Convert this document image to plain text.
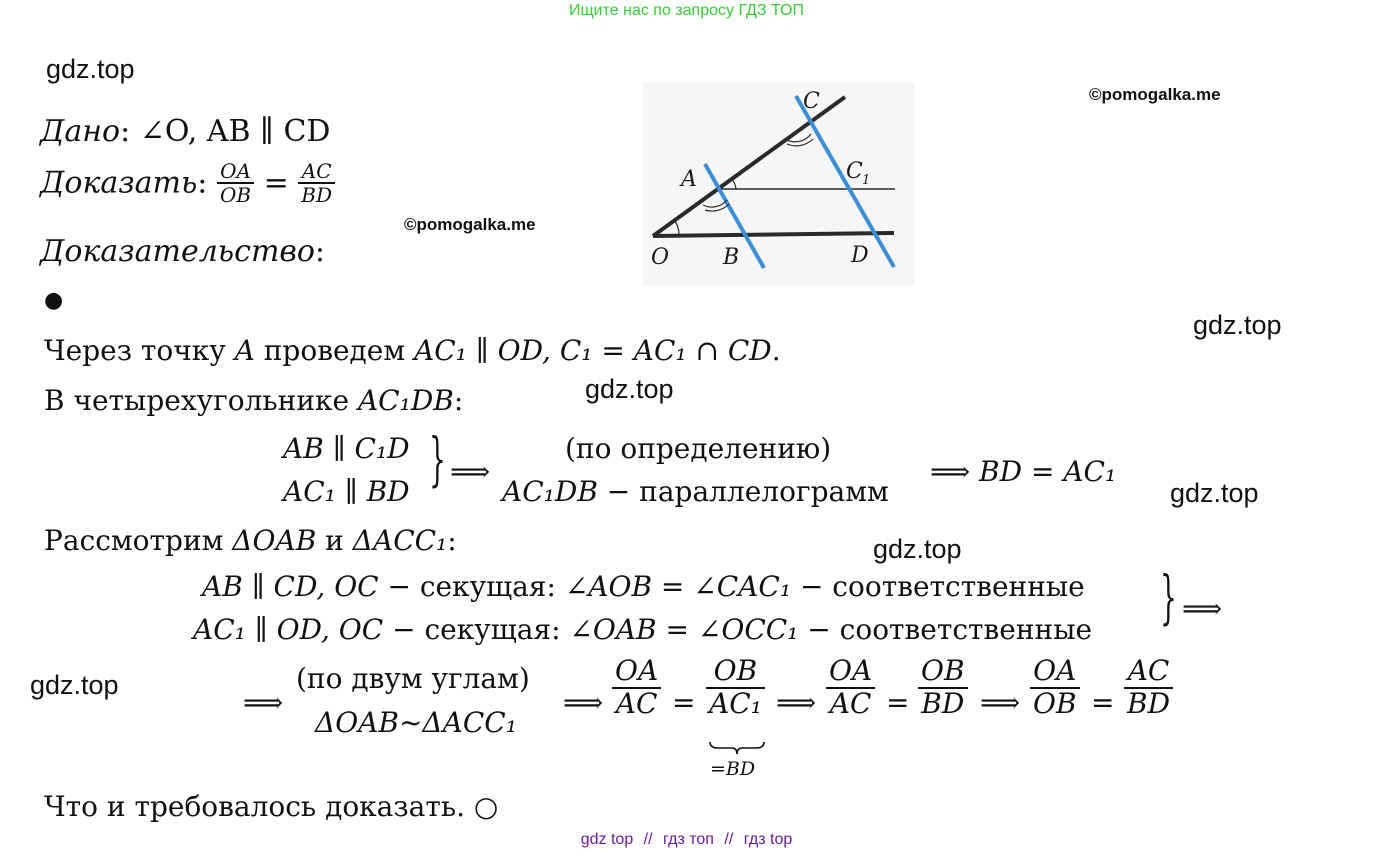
Ищите нас по запросу ГДЗ ТОП
gdz.top
gdz.top
gdz.top
gdz.top
gdz.top
gdz.top
©pomogalka.me
©pomogalka.me
Дано: ∠O, AB ∥ CD
Доказать: $\frac{OA}{OB} = \frac{AC}{BD}$
Доказательство:
●
O
A
B
C
C 1
D
Через точку A проведем AC₁ ∥ OD, C₁ = AC₁ ∩ CD.
В четырехугольнике AC₁DB:
AB ∥ C₁D
AC₁ ∥ BD } ⟹
(по определению)
AC₁DB − параллелограмм
⟹ BD = AC₁
Рассмотрим ΔOAB и ΔACC₁:
AB ∥ CD, OC − секущая: ∠AOB = ∠CAC₁ − соответственные
AC₁ ∥ OD, OC − секущая: ∠OAB = ∠OCC₁ − соответственные } ⟹
⟹
(по двум углам)
ΔOAB~ΔACC₁
⟹ $\frac{OA}{AC} = \frac{OB}{\text{AC₁}}$
=BD
⟹ $\frac{OA}{AC} = \frac{OB}{BD}$ ⟹ $\frac{OA}{OB} = \frac{AC}{BD}$
Что и требовалось доказать. ○
gdz top // гдз топ // гдз top
